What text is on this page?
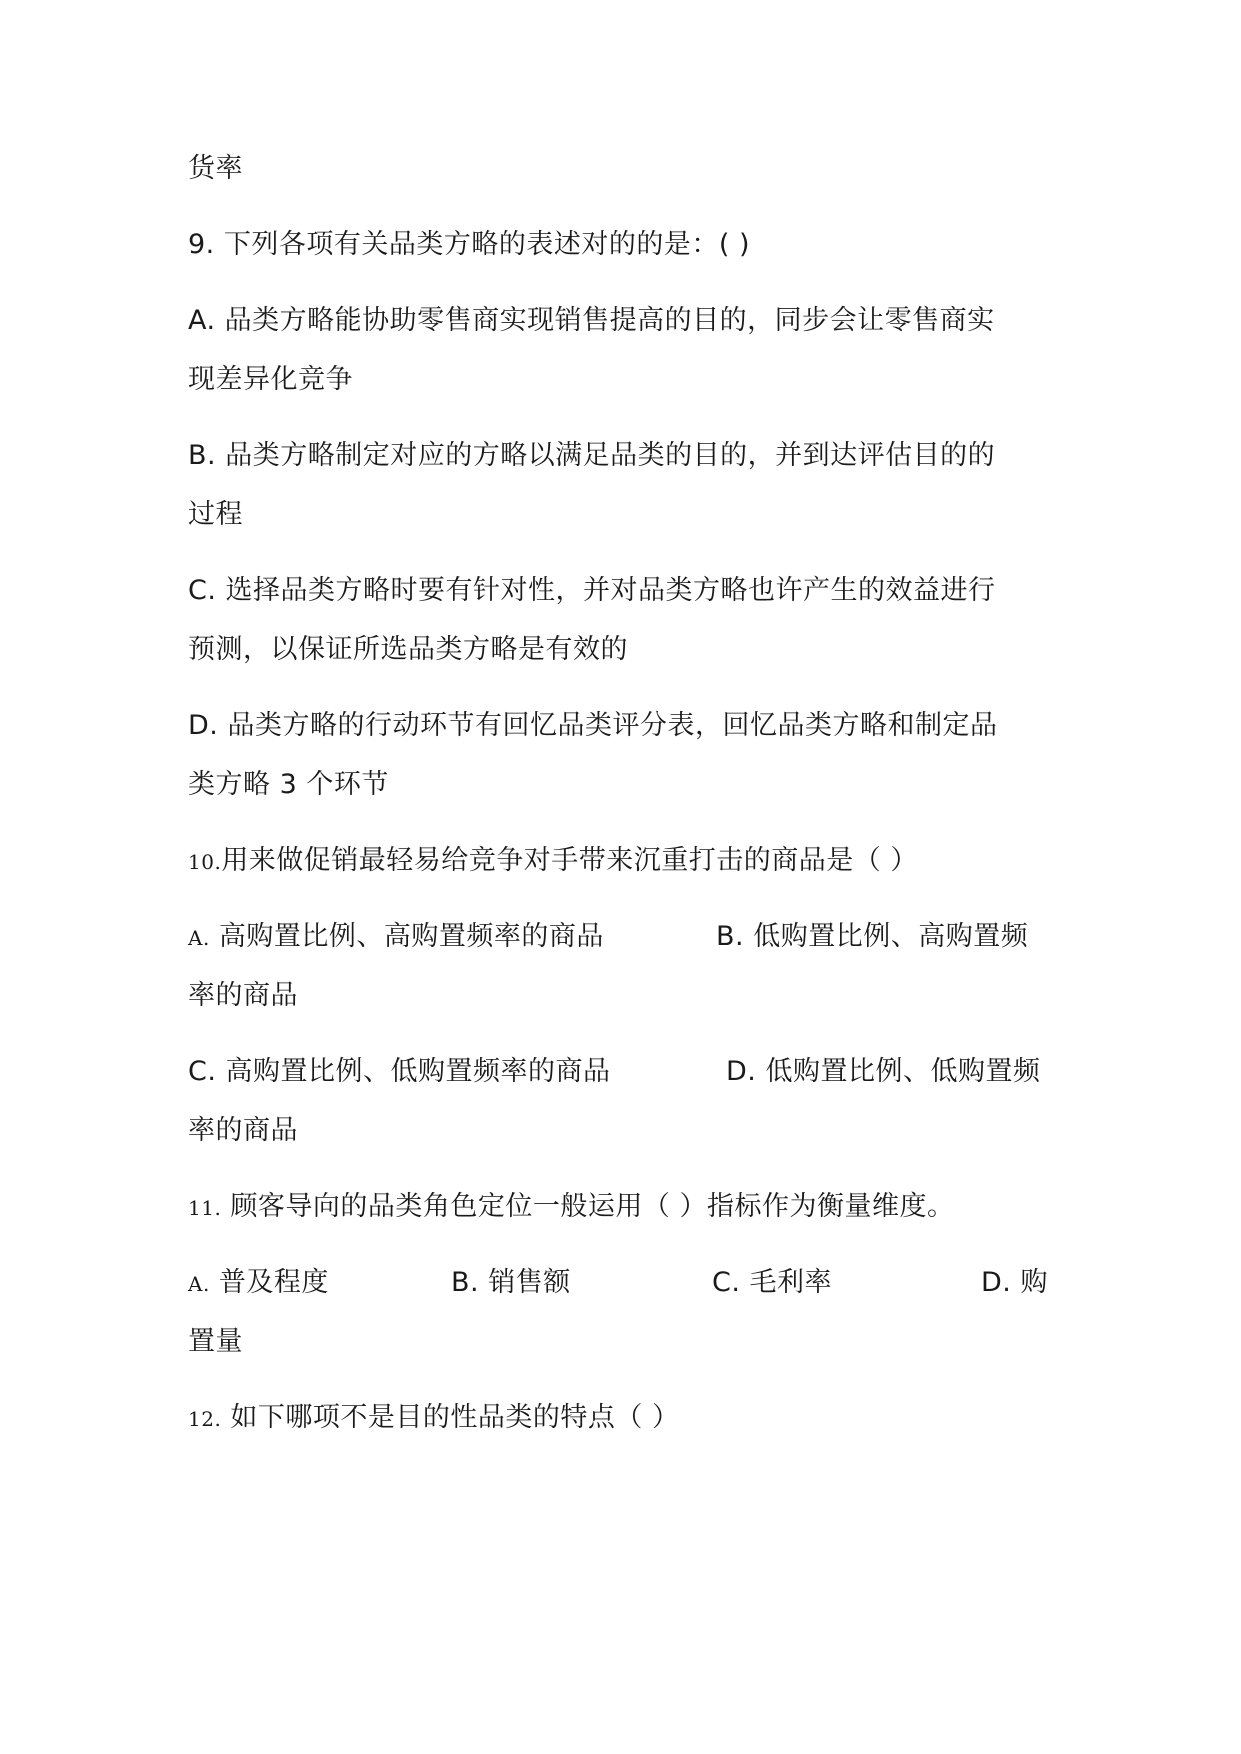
货率
9. 下列各项有关品类方略的表述对的的是：( )
A. 品类方略能协助零售商实现销售提高的目的，同步会让零售商实
现差异化竞争
B. 品类方略制定对应的方略以满足品类的目的，并到达评估目的的
过程
C. 选择品类方略时要有针对性，并对品类方略也许产生的效益进行
预测，以保证所选品类方略是有效的
D. 品类方略的行动环节有回忆品类评分表，回忆品类方略和制定品
类方略 3 个环节
10.用来做促销最轻易给竞争对手带来沉重打击的商品是（ ）
A. 高购置比例、高购置频率的商品	B. 低购置比例、高购置频
率的商品
C. 高购置比例、低购置频率的商品	D. 低购置比例、低购置频
率的商品
11. 顾客导向的品类角色定位一般运用（ ）指标作为衡量维度。
A. 普及程度	B. 销售额	C. 毛利率	D. 购
置量
12. 如下哪项不是目的性品类的特点（ ）
